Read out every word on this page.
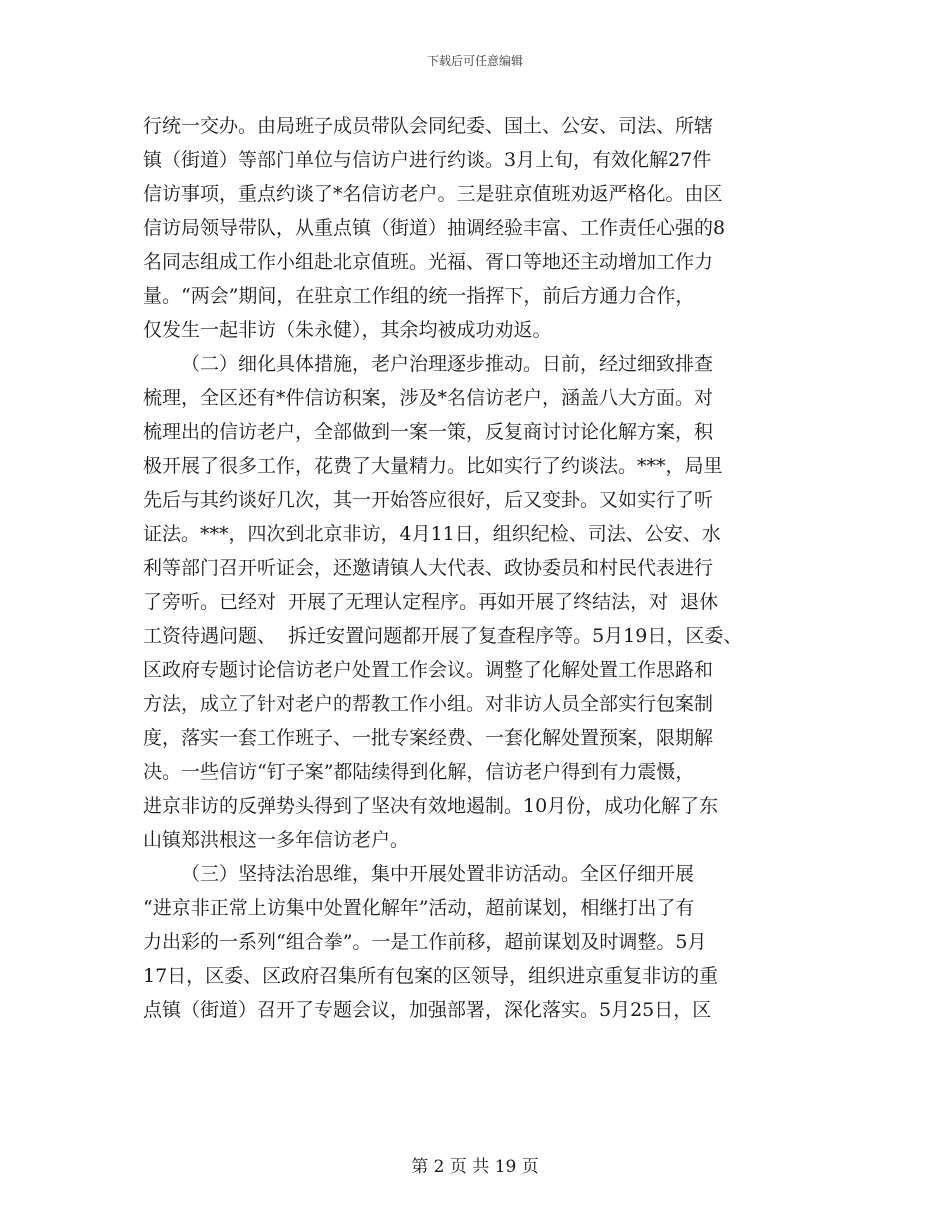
下载后可任意编辑
行统一交办。由局班子成员带队会同纪委、国土、公安、司法、所辖
镇（街道）等部门单位与信访户进行约谈。3月上旬，有效化解27件
信访事项，重点约谈了*名信访老户。三是驻京值班劝返严格化。由区
信访局领导带队，从重点镇（街道）抽调经验丰富、工作责任心强的8
名同志组成工作小组赴北京值班。光福、胥口等地还主动增加工作力
量。“两会”期间，在驻京工作组的统一指挥下，前后方通力合作，
仅发生一起非访（朱永健），其余均被成功劝返。
（二）细化具体措施，老户治理逐步推动。日前，经过细致排查
梳理，全区还有*件信访积案，涉及*名信访老户，涵盖八大方面。对
梳理出的信访老户，全部做到一案一策，反复商讨讨论化解方案，积
极开展了很多工作，花费了大量精力。比如实行了约谈法。***，局里
先后与其约谈好几次，其一开始答应很好，后又变卦。又如实行了听
证法。***，四次到北京非访，4月11日，组织纪检、司法、公安、水
利等部门召开听证会，还邀请镇人大代表、政协委员和村民代表进行
了旁听。已经对  开展了无理认定程序。再如开展了终结法，对  退休
工资待遇问题、  拆迁安置问题都开展了复查程序等。5月19日，区委、
区政府专题讨论信访老户处置工作会议。调整了化解处置工作思路和
方法，成立了针对老户的帮教工作小组。对非访人员全部实行包案制
度，落实一套工作班子、一批专案经费、一套化解处置预案，限期解
决。一些信访“钉子案”都陆续得到化解，信访老户得到有力震慑，
进京非访的反弹势头得到了坚决有效地遏制。10月份，成功化解了东
山镇郑洪根这一多年信访老户。
（三）坚持法治思维，集中开展处置非访活动。全区仔细开展
“进京非正常上访集中处置化解年”活动，超前谋划，相继打出了有
力出彩的一系列“组合拳”。一是工作前移，超前谋划及时调整。5月
17日，区委、区政府召集所有包案的区领导，组织进京重复非访的重
点镇（街道）召开了专题会议，加强部署，深化落实。5月25日，区
第 2 页 共 19 页
